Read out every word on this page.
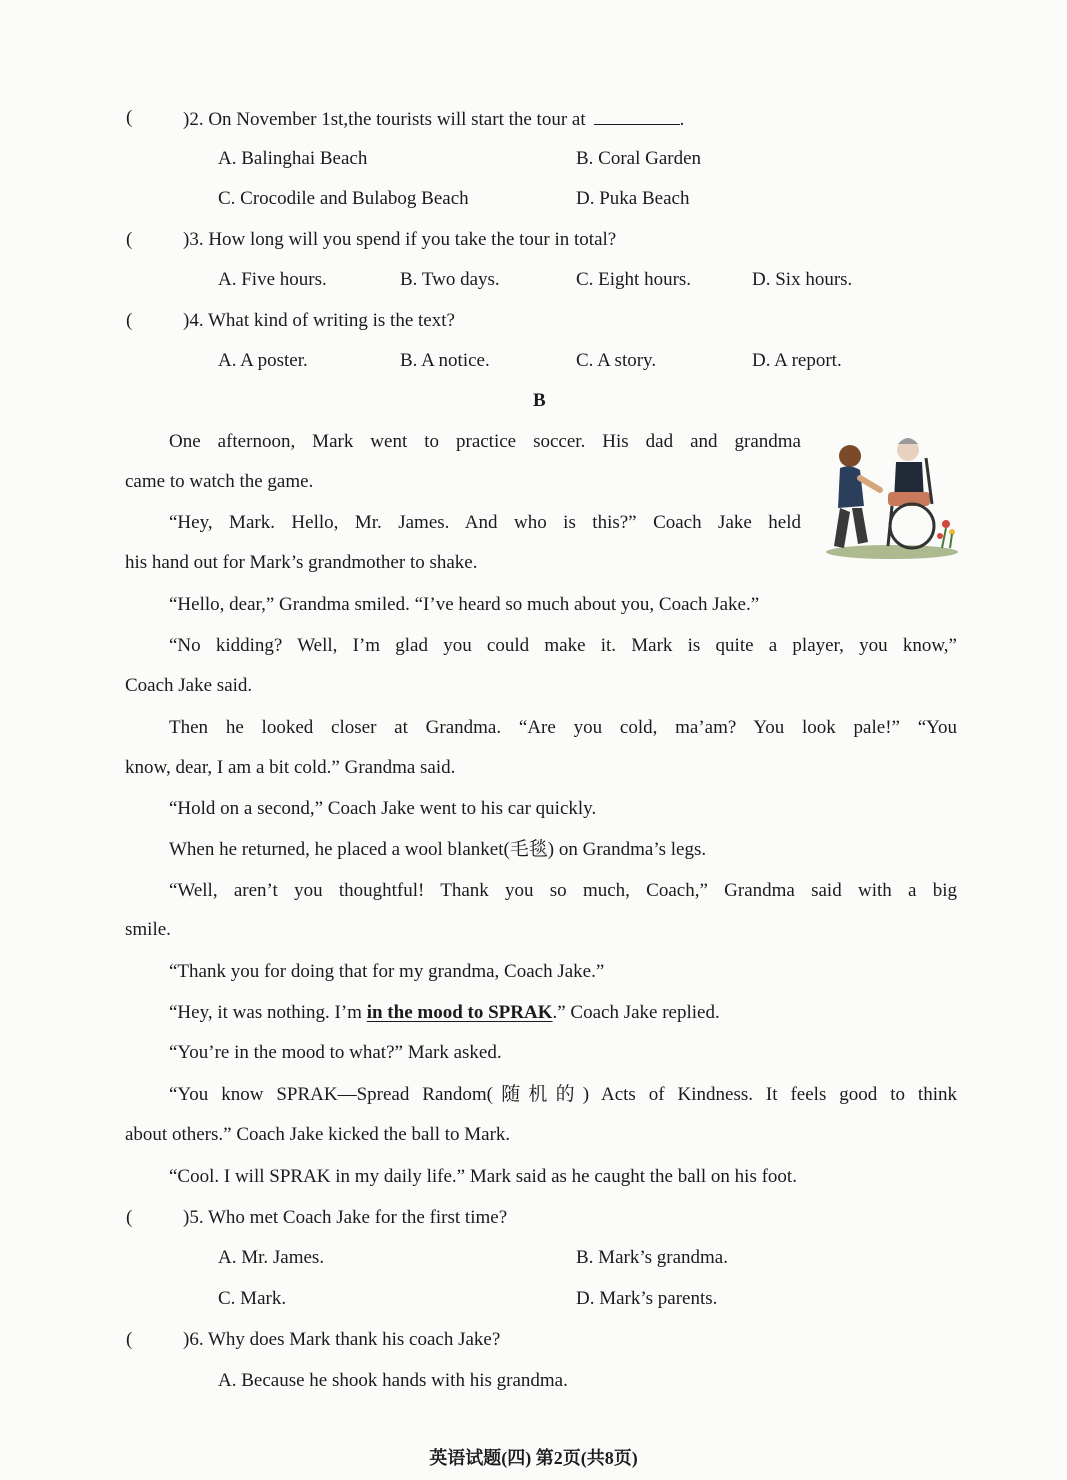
(	)2. On November 1st,the tourists will start the tour at	.
A. Balinghai Beach	B. Coral Garden
C. Crocodile and Bulabog Beach	D. Puka Beach
(	)3. How long will you spend if you take the tour in total?
A. Five hours.	B. Two days.	C. Eight hours.	D. Six hours.
(	)4. What kind of writing is the text?
A. A poster.	B. A notice.	C. A story.	D. A report.
B
One afternoon, Mark went to practice soccer. His dad and grandma
came to watch the game.
“Hey, Mark. Hello, Mr. James. And who is this?” Coach Jake held
his hand out for Mark’s grandmother to shake.
“Hello, dear,” Grandma smiled. “I’ve heard so much about you, Coach Jake.”
“No kidding? Well, I’m glad you could make it. Mark is quite a player, you know,”
Coach Jake said.
Then he looked closer at Grandma. “Are you cold, ma’am? You look pale!” “You
know, dear, I am a bit cold.” Grandma said.
“Hold on a second,” Coach Jake went to his car quickly.
When he returned, he placed a wool blanket(毛毯) on Grandma’s legs.
“Well, aren’t you thoughtful! Thank you so much, Coach,” Grandma said with a big
smile.
“Thank you for doing that for my grandma, Coach Jake.”
“Hey, it was nothing. I’m in the mood to SPRAK.” Coach Jake replied.
“You’re in the mood to what?” Mark asked.
“You know SPRAK—Spread Random(随机的) Acts of Kindness. It feels good to think
about others.” Coach Jake kicked the ball to Mark.
“Cool. I will SPRAK in my daily life.” Mark said as he caught the ball on his foot.
(	)5. Who met Coach Jake for the first time?
A. Mr. James.	B. Mark’s grandma.
C. Mark.	D. Mark’s parents.
(	)6. Why does Mark thank his coach Jake?
A. Because he shook hands with his grandma.
英语试题(四) 第2页(共8页)
